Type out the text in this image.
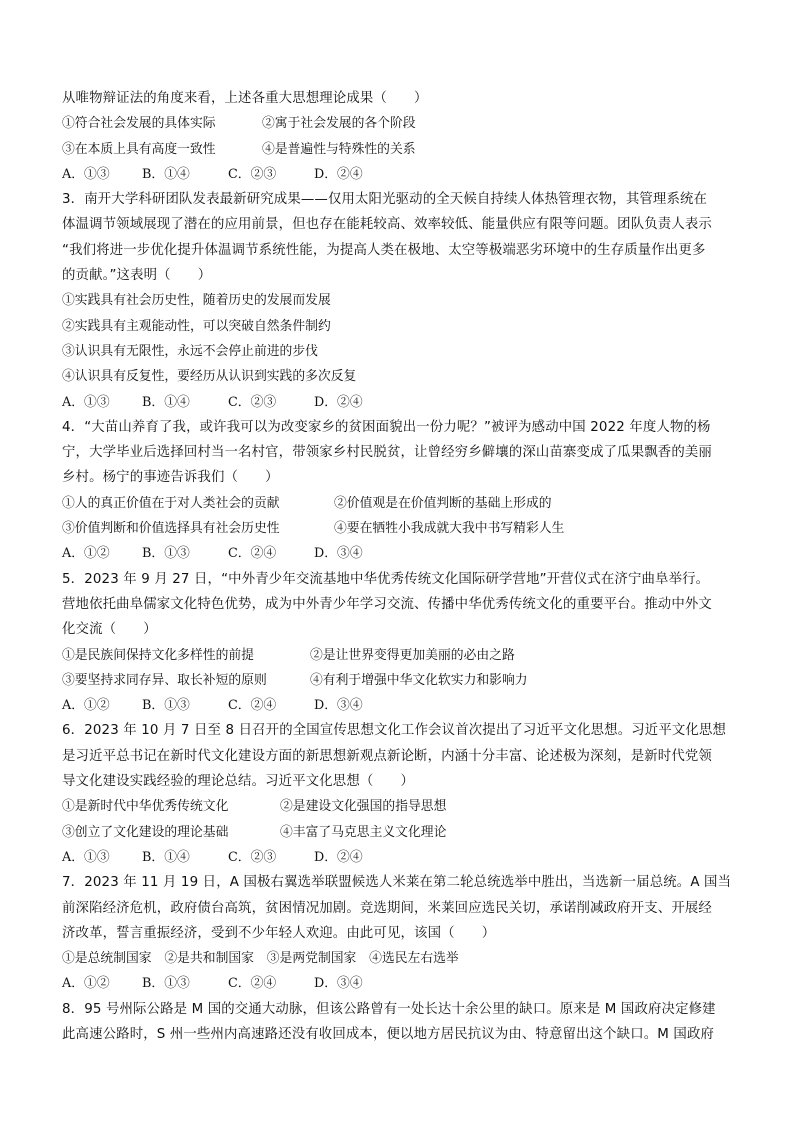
从唯物辩证法的角度来看，上述各重大思想理论成果（　　）
①符合社会发展的具体实际	②寓于社会发展的各个阶段
③在本质上具有高度一致性	④是普遍性与特殊性的关系
A．①③	B．①④	C．②③	D．②④
3．南开大学科研团队发表最新研究成果——仅用太阳光驱动的全天候自持续人体热管理衣物，其管理系统在
体温调节领域展现了潜在的应用前景，但也存在能耗较高、效率较低、能量供应有限等问题。团队负责人表示
“我们将进一步优化提升体温调节系统性能，为提高人类在极地、太空等极端恶劣环境中的生存质量作出更多
的贡献。”这表明（　　）
①实践具有社会历史性，随着历史的发展而发展
②实践具有主观能动性，可以突破自然条件制约
③认识具有无限性，永远不会停止前进的步伐
④认识具有反复性，要经历从认识到实践的多次反复
A．①③	B．①④	C．②③	D．②④
4．“大苗山养育了我，或许我可以为改变家乡的贫困面貌出一份力呢？”被评为感动中国 2022 年度人物的杨
宁，大学毕业后选择回村当一名村官，带领家乡村民脱贫，让曾经穷乡僻壤的深山苗寨变成了瓜果飘香的美丽
乡村。杨宁的事迹告诉我们（　　）
①人的真正价值在于对人类社会的贡献	②价值观是在价值判断的基础上形成的
③价值判断和价值选择具有社会历史性	④要在牺牲小我成就大我中书写精彩人生
A．①②	B．①③	C．②④	D．③④
5．2023 年 9 月 27 日，“中外青少年交流基地中华优秀传统文化国际研学营地”开营仪式在济宁曲阜举行。
营地依托曲阜儒家文化特色优势，成为中外青少年学习交流、传播中华优秀传统文化的重要平台。推动中外文
化交流（　　）
①是民族间保持文化多样性的前提	②是让世界变得更加美丽的必由之路
③要坚持求同存异、取长补短的原则	④有利于增强中华文化软实力和影响力
A．①②	B．①③	C．②④	D．③④
6．2023 年 10 月 7 日至 8 日召开的全国宣传思想文化工作会议首次提出了习近平文化思想。习近平文化思想
是习近平总书记在新时代文化建设方面的新思想新观点新论断，内涵十分丰富、论述极为深刻，是新时代党领
导文化建设实践经验的理论总结。习近平文化思想（　　）
①是新时代中华优秀传统文化	②是建设文化强国的指导思想
③创立了文化建设的理论基础	④丰富了马克思主义文化理论
A．①③	B．①④	C．②③	D．②④
7．2023 年 11 月 19 日，A 国极右翼选举联盟候选人米莱在第二轮总统选举中胜出，当选新一届总统。A 国当
前深陷经济危机，政府债台高筑，贫困情况加剧。竞选期间，米莱回应选民关切，承诺削减政府开支、开展经
济改革，誓言重振经济，受到不少年轻人欢迎。由此可见，该国（　　）
①是总统制国家　②是共和制国家　③是两党制国家　④选民左右选举
A．①②	B．①③	C．②④	D．③④
8．95 号州际公路是 M 国的交通大动脉，但该公路曾有一处长达十余公里的缺口。原来是 M 国政府决定修建
此高速公路时，S 州一些州内高速路还没有收回成本，便以地方居民抗议为由、特意留出这个缺口。M 国政府
